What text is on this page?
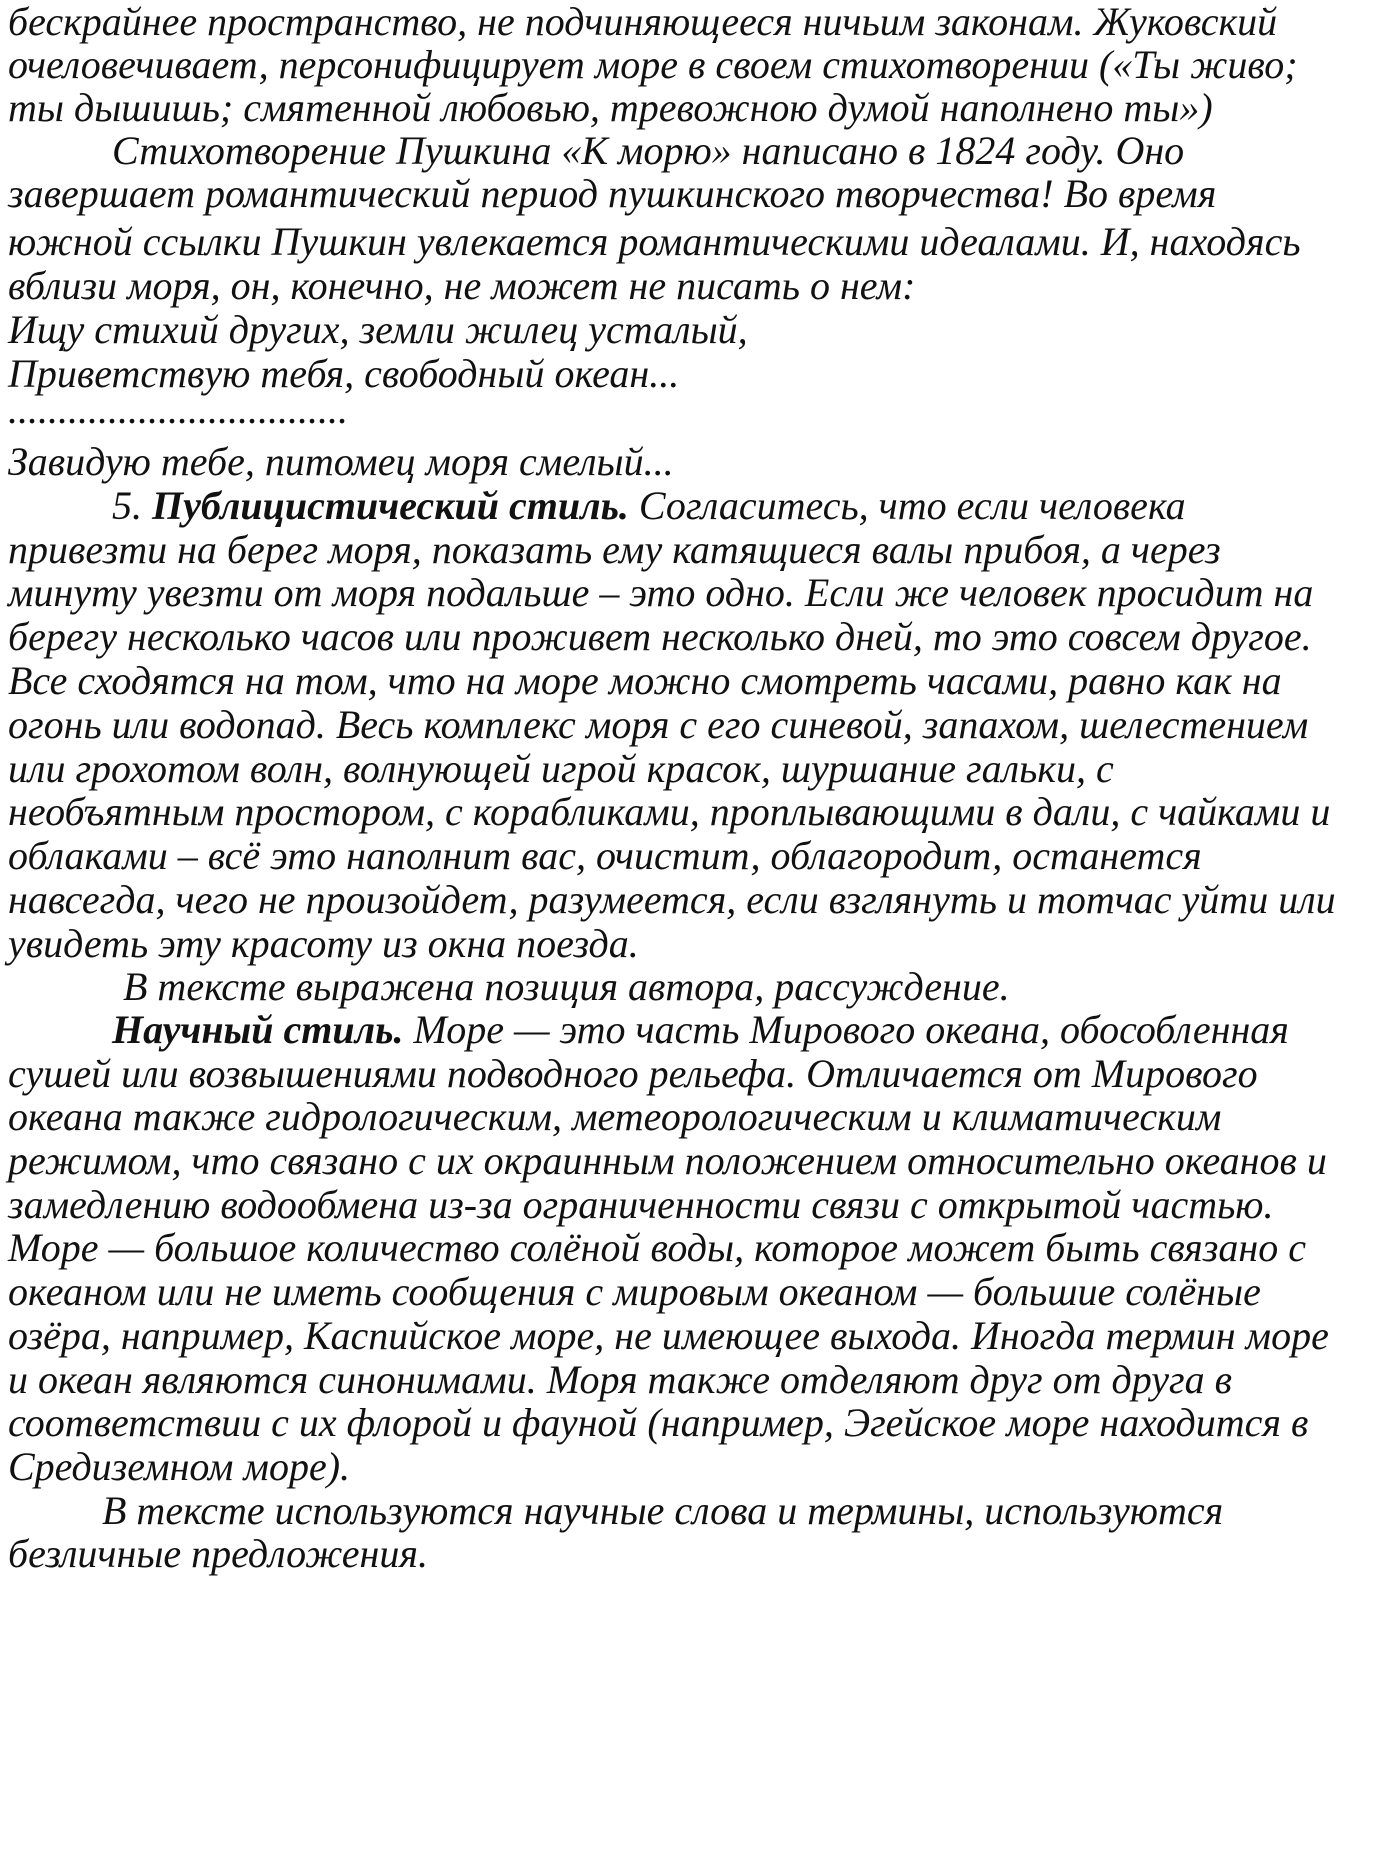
бескрайнее пространство, не подчиняющееся ничьим законам. Жуковский
очеловечивает, персонифицирует море в своем стихотворении («Ты живо;
ты дышишь; смятенной любовью, тревожною думой наполнено ты»)
Стихотворение Пушкина «К морю» написано в 1824 году. Оно
завершает романтический период пушкинского творчества! Во время
южной ссылки Пушкин увлекается романтическими идеалами. И, находясь
вблизи моря, он, конечно, не может не писать о нем:
Ищу стихий других, земли жилец усталый,
Приветствую тебя, свободный океан...
..................................
Завидую тебе, питомец моря смелый...
5. Публицистический стиль. Согласитесь, что если человека
привезти на берег моря, показать ему катящиеся валы прибоя, а через
минуту увезти от моря подальше – это одно. Если же человек просидит на
берегу несколько часов или проживет несколько дней, то это совсем другое.
Все сходятся на том, что на море можно смотреть часами, равно как на
огонь или водопад. Весь комплекс моря с его синевой, запахом, шелестением
или грохотом волн, волнующей игрой красок, шуршание гальки, с
необъятным простором, с корабликами, проплывающими в дали, с чайками и
облаками – всё это наполнит вас, очистит, облагородит, останется
навсегда, чего не произойдет, разумеется, если взглянуть и тотчас уйти или
увидеть эту красоту из окна поезда.
В тексте выражена позиция автора, рассуждение.
Научный стиль. Море — это часть Мирового океана, обособленная
сушей или возвышениями подводного рельефа. Отличается от Мирового
океана также гидрологическим, метеорологическим и климатическим
режимом, что связано с их окраинным положением относительно океанов и
замедлению водообмена из-за ограниченности связи с открытой частью.
Море — большое количество солёной воды, которое может быть связано с
океаном или не иметь сообщения с мировым океаном — большие солёные
озёра, например, Каспийское море, не имеющее выхода. Иногда термин море
и океан являются синонимами. Моря также отделяют друг от друга в
соответствии с их флорой и фауной (например, Эгейское море находится в
Средиземном море).
В тексте используются научные слова и термины, используются
безличные предложения.
